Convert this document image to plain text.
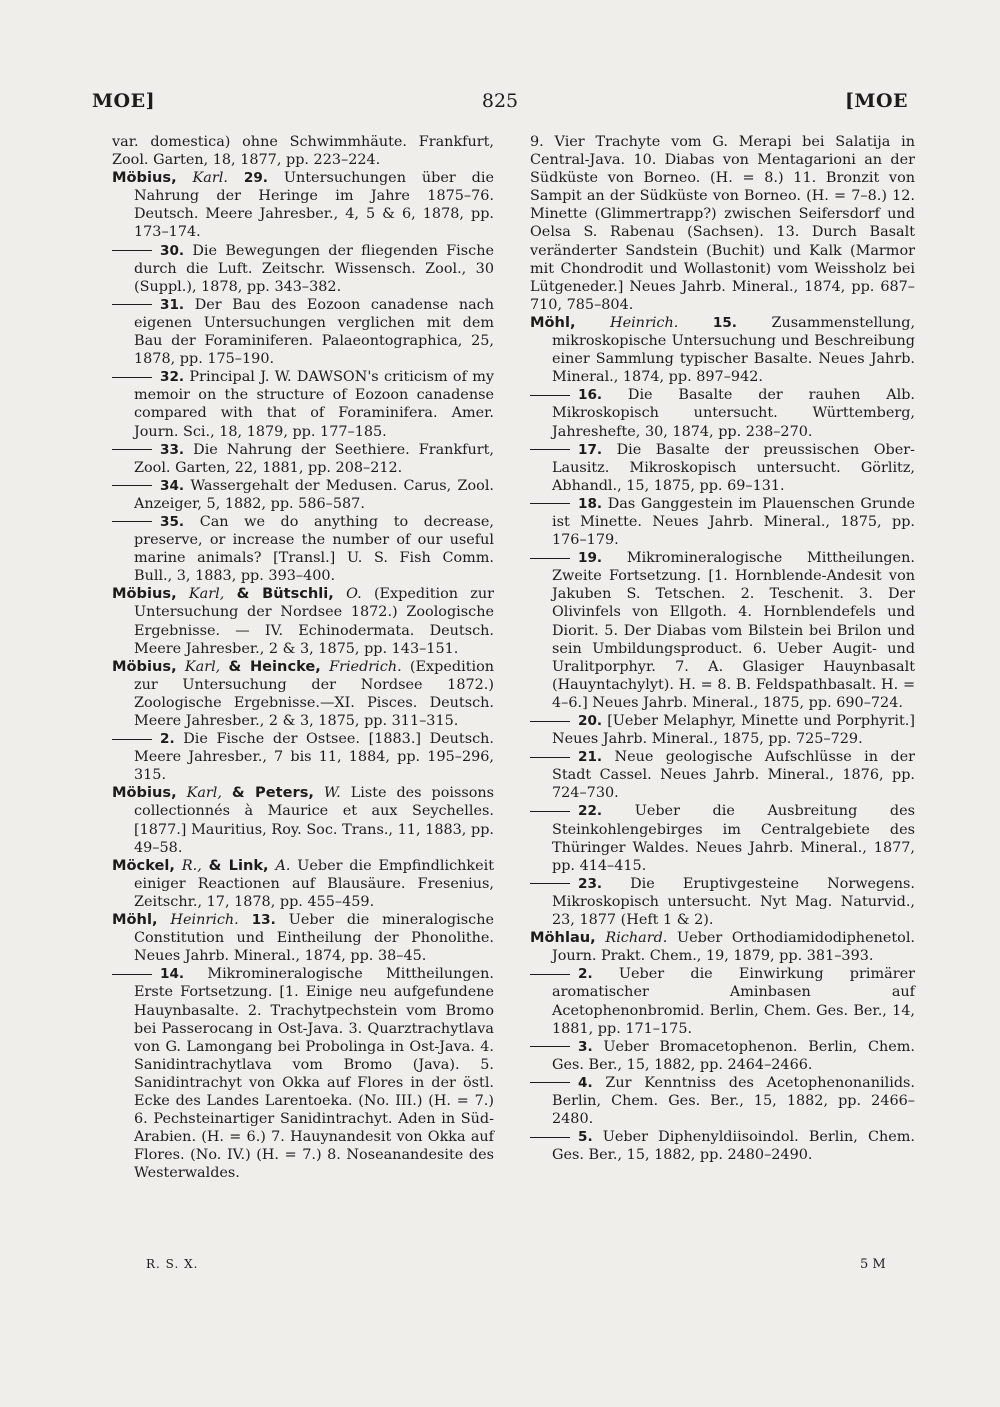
MOE]	825	[MOE

var. domestica) ohne Schwimmhäute. Frankfurt, Zool. Garten, 18, 1877, pp. 223–224.

Möbius, Karl. 29. Untersuchungen über die Nahrung der Heringe im Jahre 1875–76. Deutsch. Meere Jahresber., 4, 5 & 6, 1878, pp. 173–174.

30. Die Bewegungen der fliegenden Fische durch die Luft. Zeitschr. Wissensch. Zool., 30 (Suppl.), 1878, pp. 343–382.

31. Der Bau des Eozoon canadense nach eigenen Untersuchungen verglichen mit dem Bau der Foraminiferen. Palaeontographica, 25, 1878, pp. 175–190.

32. Principal J. W. DAWSON's criticism of my memoir on the structure of Eozoon canadense compared with that of Foraminifera. Amer. Journ. Sci., 18, 1879, pp. 177–185.

33. Die Nahrung der Seethiere. Frankfurt, Zool. Garten, 22, 1881, pp. 208–212.

34. Wassergehalt der Medusen. Carus, Zool. Anzeiger, 5, 1882, pp. 586–587.

35. Can we do anything to decrease, preserve, or increase the number of our useful marine animals? [Transl.] U. S. Fish Comm. Bull., 3, 1883, pp. 393–400.

Möbius, Karl, & Bütschli, O. (Expedition zur Untersuchung der Nordsee 1872.) Zoologische Ergebnisse. — IV. Echinodermata. Deutsch. Meere Jahresber., 2 & 3, 1875, pp. 143–151.

Möbius, Karl, & Heincke, Friedrich. (Expedition zur Untersuchung der Nordsee 1872.) Zoologische Ergebnisse.—XI. Pisces. Deutsch. Meere Jahresber., 2 & 3, 1875, pp. 311–315.

2. Die Fische der Ostsee. [1883.] Deutsch. Meere Jahresber., 7 bis 11, 1884, pp. 195–296, 315.

Möbius, Karl, & Peters, W. Liste des poissons collectionnés à Maurice et aux Seychelles. [1877.] Mauritius, Roy. Soc. Trans., 11, 1883, pp. 49–58.

Möckel, R., & Link, A. Ueber die Empfindlichkeit einiger Reactionen auf Blausäure. Fresenius, Zeitschr., 17, 1878, pp. 455–459.

Möhl, Heinrich. 13. Ueber die mineralogische Constitution und Eintheilung der Phonolithe. Neues Jahrb. Mineral., 1874, pp. 38–45.

14. Mikromineralogische Mittheilungen. Erste Fortsetzung. [1. Einige neu aufgefundene Hauynbasalte. 2. Trachytpechstein vom Bromo bei Passerocang in Ost-Java. 3. Quarztrachytlava von G. Lamongang bei Probolinga in Ost-Java. 4. Sanidintrachytlava vom Bromo (Java). 5. Sanidintrachyt von Okka auf Flores in der östl. Ecke des Landes Larentoeka. (No. III.) (H. = 7.) 6. Pechsteinartiger Sanidintrachyt. Aden in Süd-Arabien. (H. = 6.) 7. Hauynandesit von Okka auf Flores. (No. IV.) (H. = 7.) 8. Noseanandesite des Westerwaldes.

9. Vier Trachyte vom G. Merapi bei Salatija in Central-Java. 10. Diabas von Mentagarioni an der Südküste von Borneo. (H. = 8.) 11. Bronzit von Sampit an der Südküste von Borneo. (H. = 7–8.) 12. Minette (Glimmertrapp?) zwischen Seifersdorf und Oelsa S. Rabenau (Sachsen). 13. Durch Basalt veränderter Sandstein (Buchit) und Kalk (Marmor mit Chondrodit und Wollastonit) vom Weissholz bei Lütgeneder.] Neues Jahrb. Mineral., 1874, pp. 687–710, 785–804.

Möhl, Heinrich.	15. Zusammenstellung, mikroskopische Untersuchung und Beschreibung einer Sammlung typischer Basalte. Neues Jahrb. Mineral., 1874, pp. 897–942.

16. Die Basalte der rauhen Alb. Mikroskopisch untersucht. Württemberg, Jahreshefte, 30, 1874, pp. 238–270.

17. Die Basalte der preussischen Ober-Lausitz. Mikroskopisch untersucht. Görlitz, Abhandl., 15, 1875, pp. 69–131.

18. Das Ganggestein im Plauenschen Grunde ist Minette. Neues Jahrb. Mineral., 1875, pp. 176–179.

19. Mikromineralogische Mittheilungen. Zweite Fortsetzung. [1. Hornblende-Andesit von Jakuben S. Tetschen. 2. Teschenit. 3. Der Olivinfels von Ellgoth. 4. Hornblendefels und Diorit. 5. Der Diabas vom Bilstein bei Brilon und sein Umbildungsproduct. 6. Ueber Augit- und Uralitporphyr. 7. A. Glasiger Hauynbasalt (Hauyntachylyt). H. = 8. B. Feldspathbasalt. H. = 4–6.] Neues Jahrb. Mineral., 1875, pp. 690–724.

20. [Ueber Melaphyr, Minette und Porphyrit.] Neues Jahrb. Mineral., 1875, pp. 725–729.

21. Neue geologische Aufschlüsse in der Stadt Cassel. Neues Jahrb. Mineral., 1876, pp. 724–730.

22. Ueber die Ausbreitung des Steinkohlengebirges im Centralgebiete des Thüringer Waldes. Neues Jahrb. Mineral., 1877, pp. 414–415.

23. Die Eruptivgesteine Norwegens. Mikroskopisch untersucht. Nyt Mag. Naturvid., 23, 1877 (Heft 1 & 2).

Möhlau, Richard. Ueber Orthodiamidodiphenetol. Journ. Prakt. Chem., 19, 1879, pp. 381–393.

2. Ueber die Einwirkung primärer aromatischer Aminbasen auf Acetophenonbromid. Berlin, Chem. Ges. Ber., 14, 1881, pp. 171–175.

3. Ueber Bromacetophenon. Berlin, Chem. Ges. Ber., 15, 1882, pp. 2464–2466.

4. Zur Kenntniss des Acetophenonanilids. Berlin, Chem. Ges. Ber., 15, 1882, pp. 2466–2480.

5. Ueber Diphenyldiisoindol. Berlin, Chem. Ges. Ber., 15, 1882, pp. 2480–2490.

R. S. X.	5 M
